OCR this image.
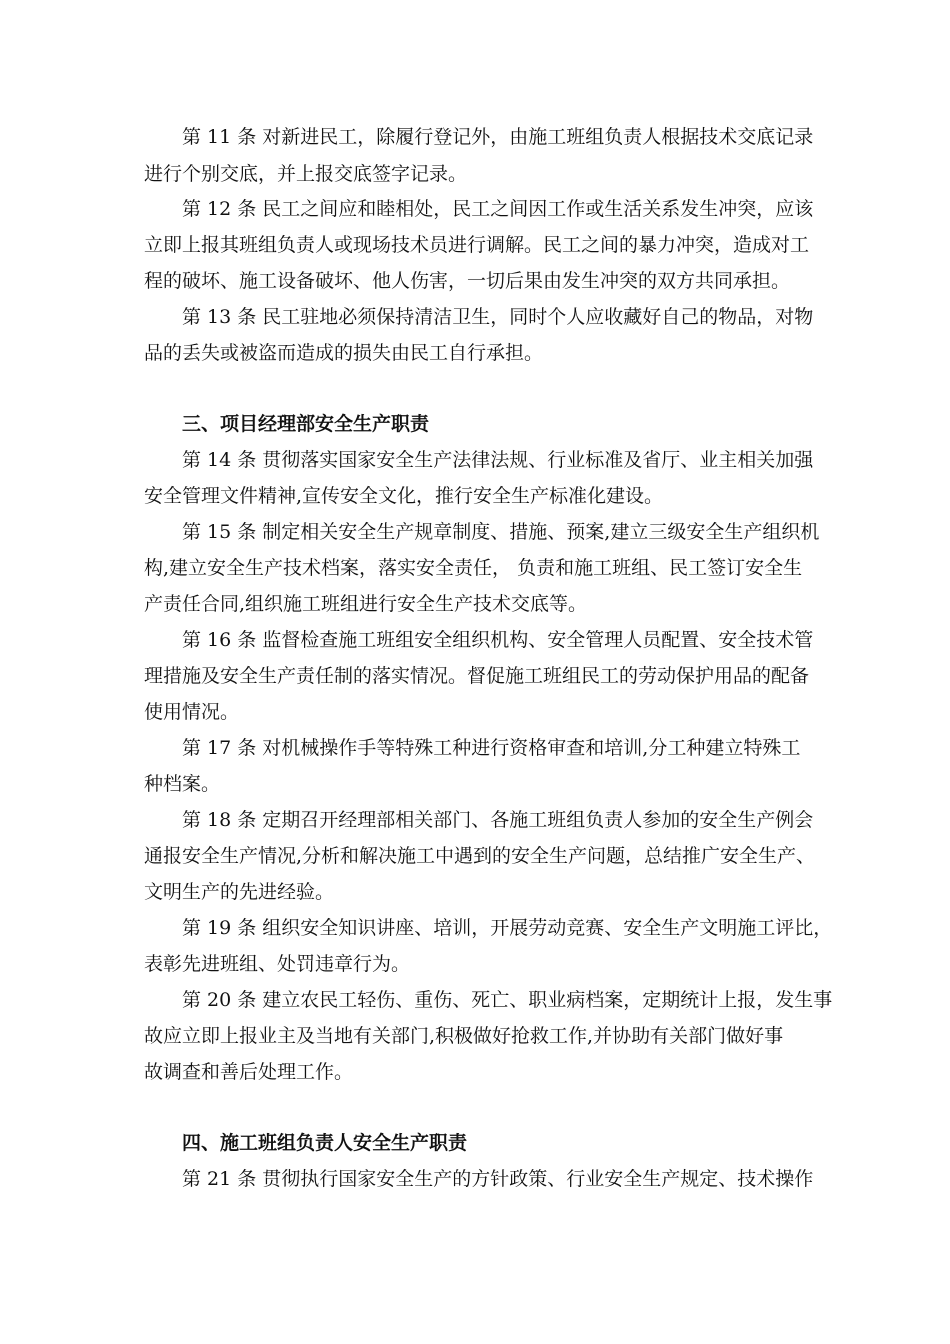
第 11 条 对新进民工，除履行登记外，由施工班组负责人根据技术交底记录
进行个别交底，并上报交底签字记录。
第 12 条 民工之间应和睦相处，民工之间因工作或生活关系发生冲突，应该
立即上报其班组负责人或现场技术员进行调解。民工之间的暴力冲突，造成对工
程的破坏、施工设备破坏、他人伤害，一切后果由发生冲突的双方共同承担。
第 13 条 民工驻地必须保持清洁卫生，同时个人应收藏好自己的物品，对物
品的丢失或被盗而造成的损失由民工自行承担。
三、项目经理部安全生产职责
第 14 条 贯彻落实国家安全生产法律法规、行业标准及省厅、业主相关加强
安全管理文件精神,宣传安全文化，推行安全生产标准化建设。
第 15 条 制定相关安全生产规章制度、措施、预案,建立三级安全生产组织机
构,建立安全生产技术档案，落实安全责任， 负责和施工班组、民工签订安全生
产责任合同,组织施工班组进行安全生产技术交底等。
第 16 条 监督检查施工班组安全组织机构、安全管理人员配置、安全技术管
理措施及安全生产责任制的落实情况。督促施工班组民工的劳动保护用品的配备
使用情况。
第 17 条 对机械操作手等特殊工种进行资格审查和培训,分工种建立特殊工
种档案。
第 18 条 定期召开经理部相关部门、各施工班组负责人参加的安全生产例会
通报安全生产情况,分析和解决施工中遇到的安全生产问题，总结推广安全生产、
文明生产的先进经验。
第 19 条 组织安全知识讲座、培训，开展劳动竞赛、安全生产文明施工评比，
表彰先进班组、处罚违章行为。
第 20 条 建立农民工轻伤、重伤、死亡、职业病档案，定期统计上报，发生事
故应立即上报业主及当地有关部门,积极做好抢救工作,并协助有关部门做好事
故调查和善后处理工作。
四、施工班组负责人安全生产职责
第 21 条 贯彻执行国家安全生产的方针政策、行业安全生产规定、技术操作
